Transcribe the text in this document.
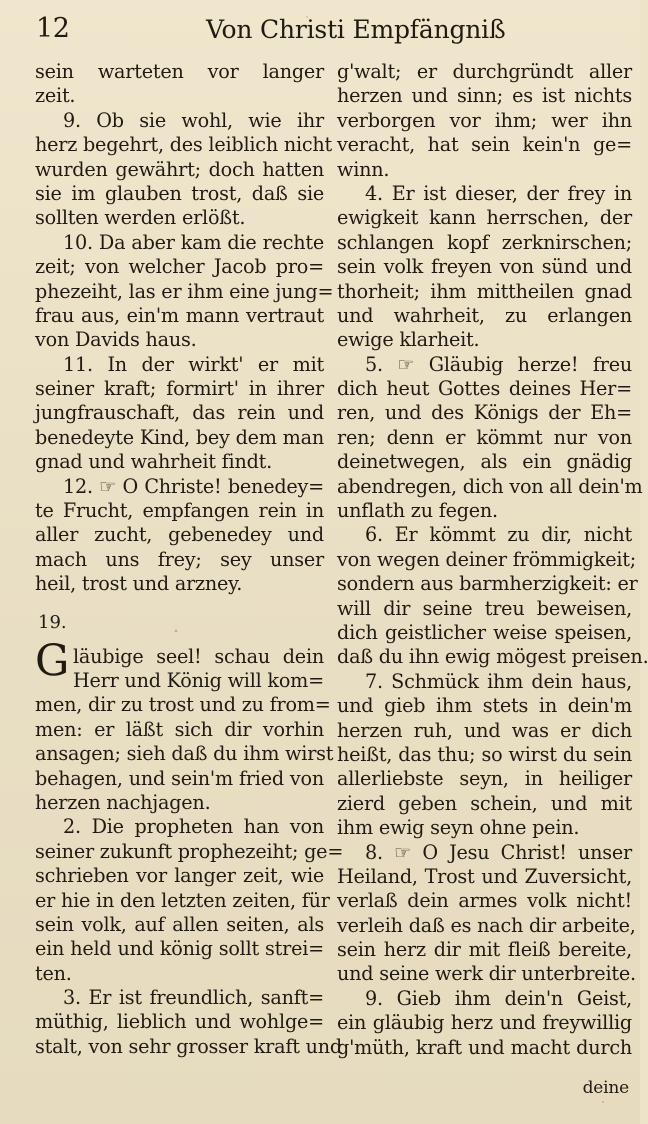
12	Von Christi Empfängniß
sein warteten vor langer
zeit.
9. Ob sie wohl, wie ihr
herz begehrt, des leiblich nicht
wurden gewährt; doch hatten
sie im glauben trost, daß sie
sollten werden erlößt.
10. Da aber kam die rechte
zeit; von welcher Jacob pro=
phezeiht, las er ihm eine jung=
frau aus, ein'm mann vertraut
von Davids haus.
11. In der wirkt' er mit
seiner kraft; formirt' in ihrer
jungfrauschaft, das rein und
benedeyte Kind, bey dem man
gnad und wahrheit findt.
12. ☞ O Christe! benedey=
te Frucht, empfangen rein in
aller zucht, gebenedey und
mach uns frey; sey unser
heil, trost und arzney.
19.
Gläubige seel! schau dein
Herr und König will kom=
men, dir zu trost und zu from=
men: er läßt sich dir vorhin
ansagen; sieh daß du ihm wirst
behagen, und sein'm fried von
herzen nachjagen.
2. Die propheten han von
seiner zukunft prophezeiht; ge=
schrieben vor langer zeit, wie
er hie in den letzten zeiten, für
sein volk, auf allen seiten, als
ein held und könig sollt strei=
ten.
3. Er ist freundlich, sanft=
müthig, lieblich und wohlge=
stalt, von sehr grosser kraft und
g'walt; er durchgründt aller
herzen und sinn; es ist nichts
verborgen vor ihm; wer ihn
veracht, hat sein kein'n ge=
winn.
4. Er ist dieser, der frey in
ewigkeit kann herrschen, der
schlangen kopf zerknirschen;
sein volk freyen von sünd und
thorheit; ihm mittheilen gnad
und wahrheit, zu erlangen
ewige klarheit.
5. ☞ Gläubig herze! freu
dich heut Gottes deines Her=
ren, und des Königs der Eh=
ren; denn er kömmt nur von
deinetwegen, als ein gnädig
abendregen, dich von all dein'm
unflath zu fegen.
6. Er kömmt zu dir, nicht
von wegen deiner frömmigkeit;
sondern aus barmherzigkeit: er
will dir seine treu beweisen,
dich geistlicher weise speisen,
daß du ihn ewig mögest preisen.
7. Schmück ihm dein haus,
und gieb ihm stets in dein'm
herzen ruh, und was er dich
heißt, das thu; so wirst du sein
allerliebste seyn, in heiliger
zierd geben schein, und mit
ihm ewig seyn ohne pein.
8. ☞ O Jesu Christ! unser
Heiland, Trost und Zuversicht,
verlaß dein armes volk nicht!
verleih daß es nach dir arbeite,
sein herz dir mit fleiß bereite,
und seine werk dir unterbreite.
9. Gieb ihm dein'n Geist,
ein gläubig herz und freywillig
g'müth, kraft und macht durch
deine
